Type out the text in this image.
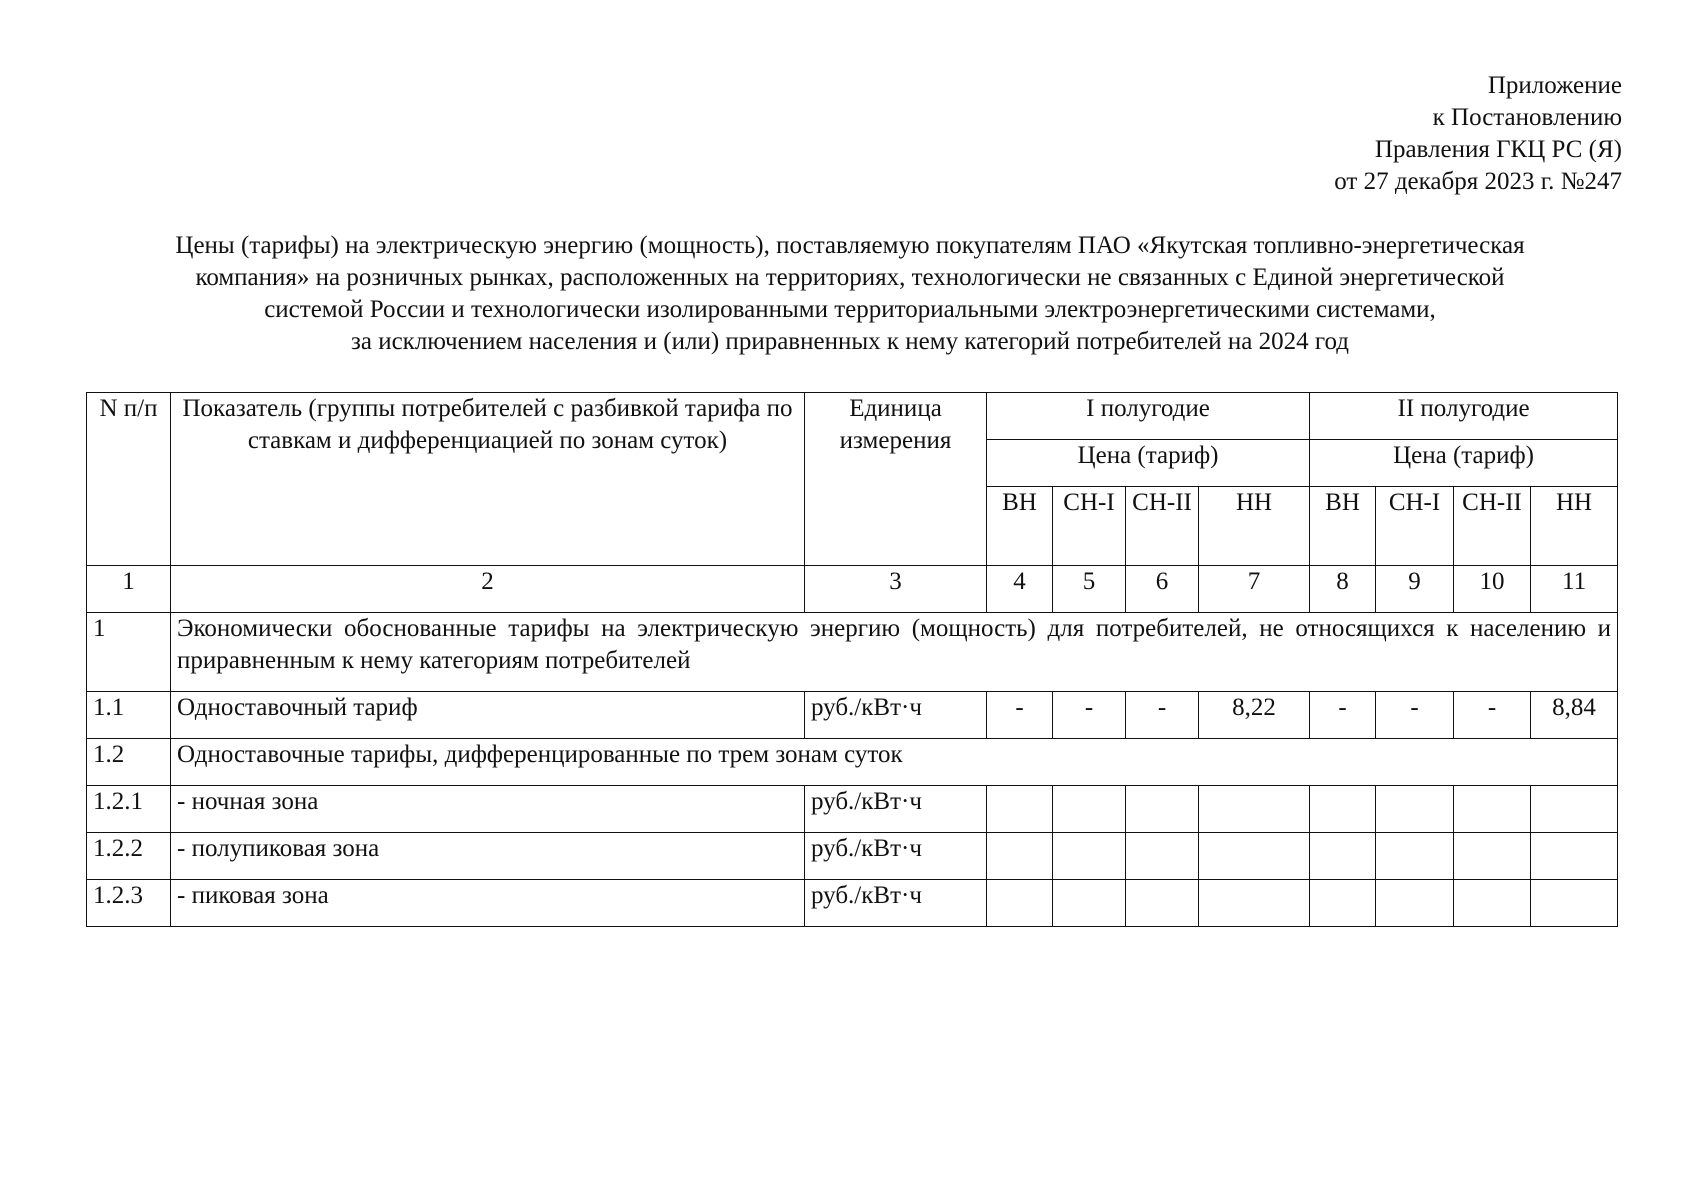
Приложение
к Постановлению
Правления ГКЦ РС (Я)
от 27 декабря 2023 г. №247
Цены (тарифы) на электрическую энергию (мощность), поставляемую покупателям ПАО «Якутская топливно-энергетическая
компания» на розничных рынках, расположенных на территориях, технологически не связанных с Единой энергетической
системой России и технологически изолированными территориальными электроэнергетическими системами,
за исключением населения и (или) приравненных к нему категорий потребителей на 2024 год
N п/п	Показатель (группы потребителей с разбивкой тарифа по ставкам и дифференциацией по зонам суток)	Единица измерения	I полугодие				II полугодие			
			Цена (тариф)				Цена (тариф)			
			ВН	СН-I	СН-II	НН	ВН	СН-I	СН-II	НН
1	2	3	4	5	6	7	8	9	10	11
1	Экономически обоснованные тарифы на электрическую энергию (мощность) для потребителей, не относящихся к населению и приравненным к нему категориям потребителей									
1.1	Одноставочный тариф	руб./кВт·ч	-	-	-	8,22	-	-	-	8,84
1.2	Одноставочные тарифы, дифференцированные по трем зонам суток									
1.2.1	- ночная зона	руб./кВт·ч								
1.2.2	- полупиковая зона	руб./кВт·ч								
1.2.3	- пиковая зона	руб./кВт·ч								
